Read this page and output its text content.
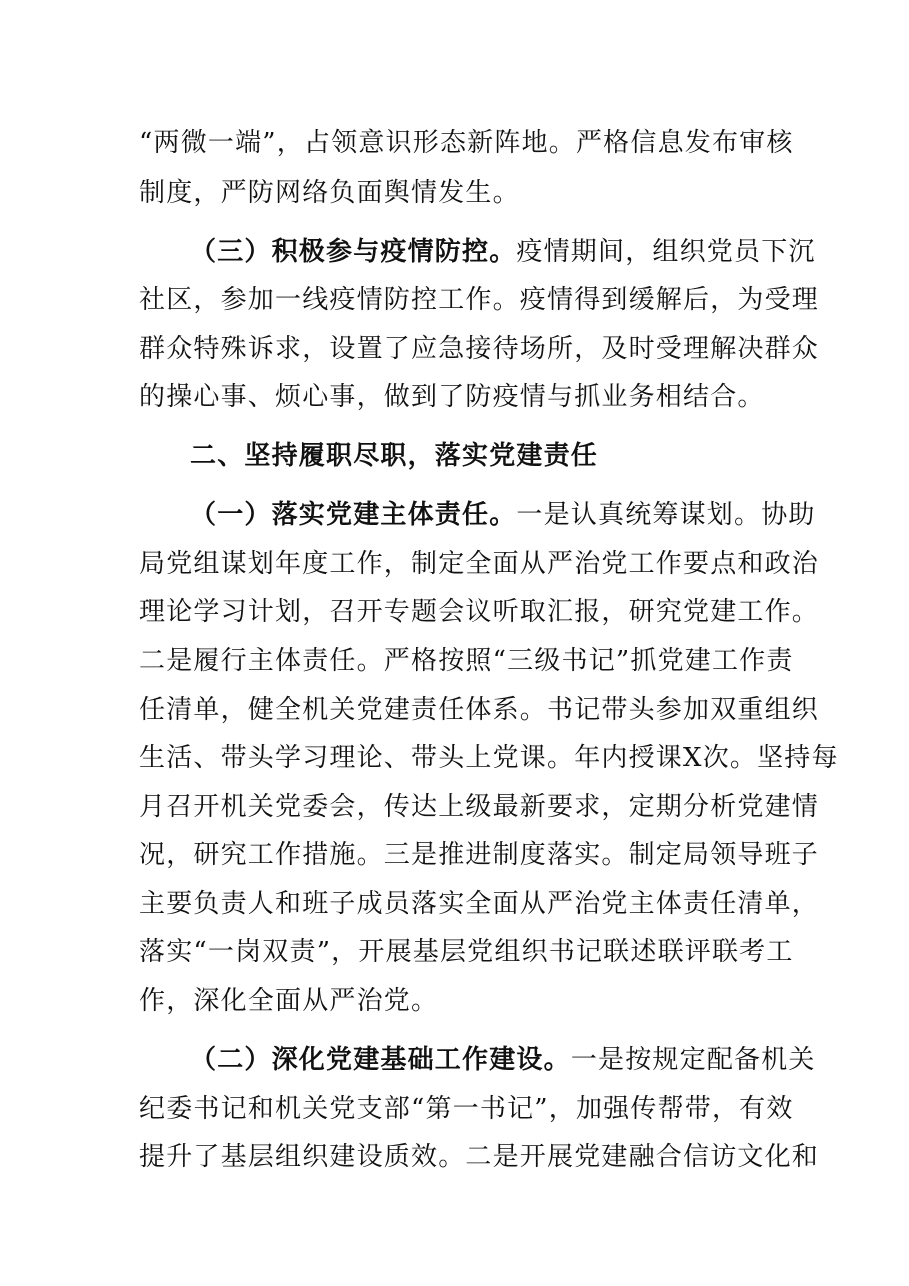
“两微一端”，占领意识形态新阵地。严格信息发布审核
制度，严防网络负面舆情发生。
（三）积极参与疫情防控。疫情期间，组织党员下沉
社区，参加一线疫情防控工作。疫情得到缓解后，为受理
群众特殊诉求，设置了应急接待场所，及时受理解决群众
的操心事、烦心事，做到了防疫情与抓业务相结合。
二、坚持履职尽职，落实党建责任
（一）落实党建主体责任。一是认真统筹谋划。协助
局党组谋划年度工作，制定全面从严治党工作要点和政治
理论学习计划，召开专题会议听取汇报，研究党建工作。
二是履行主体责任。严格按照“三级书记”抓党建工作责
任清单，健全机关党建责任体系。书记带头参加双重组织
生活、带头学习理论、带头上党课。年内授课X次。坚持每
月召开机关党委会，传达上级最新要求，定期分析党建情
况，研究工作措施。三是推进制度落实。制定局领导班子
主要负责人和班子成员落实全面从严治党主体责任清单，
落实“一岗双责”，开展基层党组织书记联述联评联考工
作，深化全面从严治党。
（二）深化党建基础工作建设。一是按规定配备机关
纪委书记和机关党支部“第一书记”，加强传帮带，有效
提升了基层组织建设质效。二是开展党建融合信访文化和
